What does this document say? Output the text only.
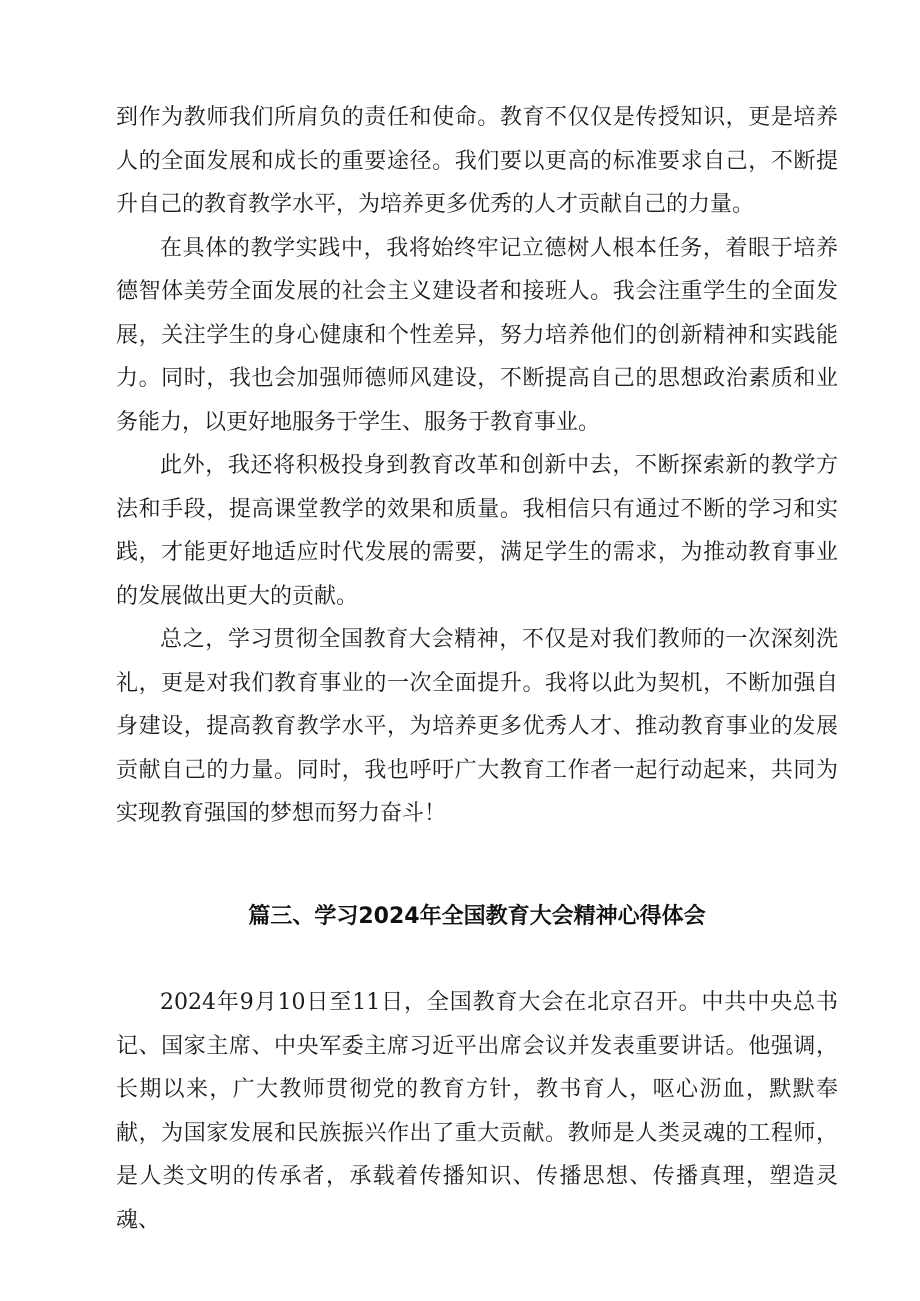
到作为教师我们所肩负的责任和使命。教育不仅仅是传授知识，更是培养人的全面发展和成长的重要途径。我们要以更高的标准要求自己，不断提升自己的教育教学水平，为培养更多优秀的人才贡献自己的力量。

在具体的教学实践中，我将始终牢记立德树人根本任务，着眼于培养德智体美劳全面发展的社会主义建设者和接班人。我会注重学生的全面发展，关注学生的身心健康和个性差异，努力培养他们的创新精神和实践能力。同时，我也会加强师德师风建设，不断提高自己的思想政治素质和业务能力，以更好地服务于学生、服务于教育事业。

此外，我还将积极投身到教育改革和创新中去，不断探索新的教学方法和手段，提高课堂教学的效果和质量。我相信只有通过不断的学习和实践，才能更好地适应时代发展的需要，满足学生的需求，为推动教育事业的发展做出更大的贡献。

总之，学习贯彻全国教育大会精神，不仅是对我们教师的一次深刻洗礼，更是对我们教育事业的一次全面提升。我将以此为契机，不断加强自身建设，提高教育教学水平，为培养更多优秀人才、推动教育事业的发展贡献自己的力量。同时，我也呼吁广大教育工作者一起行动起来，共同为实现教育强国的梦想而努力奋斗！

篇三、学习2024年全国教育大会精神心得体会

2024年9月10日至11日，全国教育大会在北京召开。中共中央总书记、国家主席、中央军委主席习近平出席会议并发表重要讲话。他强调，长期以来，广大教师贯彻党的教育方针，教书育人，呕心沥血，默默奉献，为国家发展和民族振兴作出了重大贡献。教师是人类灵魂的工程师，是人类文明的传承者，承载着传播知识、传播思想、传播真理，塑造灵魂、
